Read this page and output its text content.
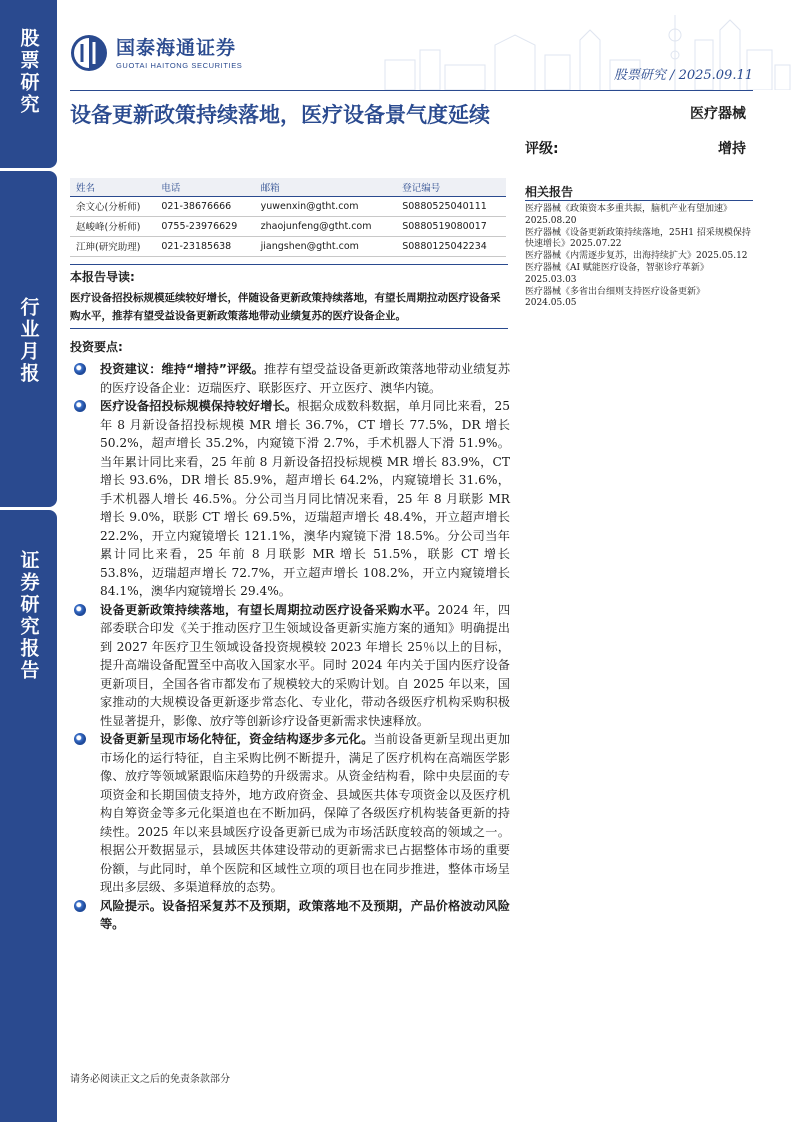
股票研究
行业月报
证券研究报告
国泰海通证券
GUOTAI HAITONG SECURITIES
股票研究 / 2025.09.11
设备更新政策持续落地，医疗设备景气度延续	医疗器械
评级:	增持
姓名	电话	邮箱	登记编号
余文心(分析师)	021-38676666	yuwenxin@gtht.com	S0880525040111
赵峻峰(分析师)	0755-23976629	zhaojunfeng@gtht.com	S0880519080017
江珅(研究助理)	021-23185638	jiangshen@gtht.com	S0880125042234
本报告导读:
医疗设备招投标规模延续较好增长，伴随设备更新政策持续落地，有望长周期拉动医疗设备采购水平，推荐有望受益设备更新政策落地带动业绩复苏的医疗设备企业。
投资要点:
投资建议：维持“增持”评级。推荐有望受益设备更新政策落地带动业绩复苏的医疗设备企业：迈瑞医疗、联影医疗、开立医疗、澳华内镜。
医疗设备招投标规模保持较好增长。根据众成数科数据，单月同比来看，25 年 8 月新设备招投标规模 MR 增长 36.7%，CT 增长 77.5%，DR 增长 50.2%，超声增长 35.2%，内窥镜下滑 2.7%，手术机器人下滑 51.9%。当年累计同比来看，25 年前 8 月新设备招投标规模 MR 增长 83.9%，CT 增长 93.6%，DR 增长 85.9%，超声增长 64.2%，内窥镜增长 31.6%，手术机器人增长 46.5%。分公司当月同比情况来看，25 年 8 月联影 MR 增长 9.0%，联影 CT 增长 69.5%，迈瑞超声增长 48.4%，开立超声增长 22.2%，开立内窥镜增长 121.1%，澳华内窥镜下滑 18.5%。分公司当年累计同比来看，25 年前 8 月联影 MR 增长 51.5%，联影 CT 增长 53.8%，迈瑞超声增长 72.7%，开立超声增长 108.2%，开立内窥镜增长 84.1%，澳华内窥镜增长 29.4%。
设备更新政策持续落地，有望长周期拉动医疗设备采购水平。2024 年，四部委联合印发《关于推动医疗卫生领域设备更新实施方案的通知》明确提出到 2027 年医疗卫生领域设备投资规模较 2023 年增长 25％以上的目标，提升高端设备配置至中高收入国家水平。同时 2024 年内关于国内医疗设备更新项目，全国各省市都发布了规模较大的采购计划。自 2025 年以来，国家推动的大规模设备更新逐步常态化、专业化，带动各级医疗机构采购积极性显著提升，影像、放疗等创新诊疗设备更新需求快速释放。
设备更新呈现市场化特征，资金结构逐步多元化。当前设备更新呈现出更加市场化的运行特征，自主采购比例不断提升，满足了医疗机构在高端医学影像、放疗等领域紧跟临床趋势的升级需求。从资金结构看，除中央层面的专项资金和长期国债支持外，地方政府资金、县域医共体专项资金以及医疗机构自筹资金等多元化渠道也在不断加码，保障了各级医疗机构装备更新的持续性。2025 年以来县域医疗设备更新已成为市场活跃度较高的领域之一。根据公开数据显示，县域医共体建设带动的更新需求已占据整体市场的重要份额，与此同时，单个医院和区域性立项的项目也在同步推进，整体市场呈现出多层级、多渠道释放的态势。
风险提示。设备招采复苏不及预期，政策落地不及预期，产品价格波动风险等。
相关报告
医疗器械《政策资本多重共振，脑机产业有望加速》2025.08.20
医疗器械《设备更新政策持续落地，25H1 招采规模保持快速增长》2025.07.22
医疗器械《内需逐步复苏，出海持续扩大》2025.05.12
医疗器械《AI 赋能医疗设备，智驱诊疗革新》2025.03.03
医疗器械《多省出台细则支持医疗设备更新》2024.05.05
请务必阅读正文之后的免责条款部分
